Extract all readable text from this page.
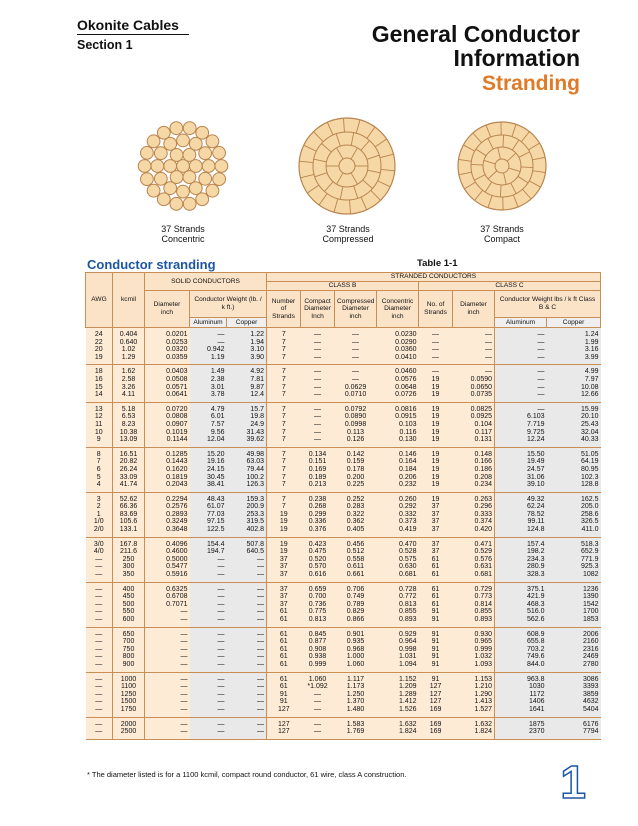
Okonite Cables
Section 1	General Conductor
Information
Stranding
37 Strands
Concentric
37 Strands
Compressed
37 Strands
Compact
Conductor stranding	Table 1-1
AWG	kcmil	SOLID CONDUCTORS			STRANDED CONDUCTORS							
					CLASS B				CLASS C			
		Diameter inch	Conductor Weight (lb. / k ft.)		Number of Strands	Compact Diameter Inch	Compressed Diameter inch	Concentric Diameter inch	No. of Strands	Diameter inch	Conductor Weight lbs / k ft Class B & C	
			Aluminum	Copper							Aluminum	Copper
24	0.404	0.0201	—	1.22	7	—	—	0.0230	—	—	—	1.24
22	0.640	0.0253	—	1.94	7	—	—	0.0290	—	—	—	1.99
20	1.02	0.0320	0.942	3.10	7	—	—	0.0360	—	—	—	3.16
19	1.29	0.0359	1.19	3.90	7	—	—	0.0410	—	—	—	3.99
18	1.62	0.0403	1.49	4.92	7	—	—	0.0460	—	—	—	4.99
16	2.58	0.0508	2.38	7.81	7	—	—	0.0576	19	0.0590	—	7.97
15	3.26	0.0571	3.01	9.87	7	—	0.0629	0.0648	19	0.0650	—	10.08
14	4.11	0.0641	3.78	12.4	7	—	0.0710	0.0726	19	0.0735	—	12.66
13	5.18	0.0720	4.79	15.7	7	—	0.0792	0.0816	19	0.0825	—	15.99
12	6.53	0.0808	6.01	19.8	7	—	0.0890	0.0915	19	0.0925	6.103	20.10
11	8.23	0.0907	7.57	24.9	7	—	0.0998	0.103	19	0.104	7.719	25.43
10	10.38	0.1019	9.56	31.43	7	—	0.113	0.116	19	0.117	9.725	32.04
9	13.09	0.1144	12.04	39.62	7	—	0.126	0.130	19	0.131	12.24	40.33
8	16.51	0.1285	15.20	49.98	7	0.134	0.142	0.146	19	0.148	15.50	51.05
7	20.82	0.1443	19.16	63.03	7	0.151	0.159	0.164	19	0.166	19.49	64.19
6	26.24	0.1620	24.15	79.44	7	0.169	0.178	0.184	19	0.186	24.57	80.95
5	33.09	0.1819	30.45	100.2	7	0.189	0.200	0.206	19	0.208	31.06	102.3
4	41.74	0.2043	38.41	126.3	7	0.213	0.225	0.232	19	0.234	39.10	128.8
3	52.62	0.2294	48.43	159.3	7	0.238	0.252	0.260	19	0.263	49.32	162.5
2	66.36	0.2576	61.07	200.9	7	0.268	0.283	0.292	37	0.296	62.24	205.0
1	83.69	0.2893	77.03	253.3	19	0.299	0.322	0.332	37	0.333	78.52	258.6
1/0	105.6	0.3249	97.15	319.5	19	0.336	0.362	0.373	37	0.374	99.11	326.5
2/0	133.1	0.3648	122.5	402.8	19	0.376	0.405	0.419	37	0.420	124.8	411.0
3/0	167.8	0.4096	154.4	507.8	19	0.423	0.456	0.470	37	0.471	157.4	518.3
4/0	211.6	0.4600	194.7	640.5	19	0.475	0.512	0.528	37	0.529	198.2	652.9
—	250	0.5000	—	—	37	0.520	0.558	0.575	61	0.576	234.3	771.9
—	300	0.5477	—	—	37	0.570	0.611	0.630	61	0.631	280.9	925.3
—	350	0.5916	—	—	37	0.616	0.661	0.681	61	0.681	328.3	1082
—	400	0.6325	—	—	37	0.659	0.706	0.728	61	0.729	375.1	1236
—	450	0.6708	—	—	37	0.700	0.749	0.772	61	0.773	421.9	1390
—	500	0.7071	—	—	37	0.736	0.789	0.813	61	0.814	468.3	1542
—	550	—	—	—	61	0.775	0.829	0.855	91	0.855	516.0	1700
—	600	—	—	—	61	0.813	0.866	0.893	91	0.893	562.6	1853
—	650	—	—	—	61	0.845	0.901	0.929	91	0.930	608.9	2006
—	700	—	—	—	61	0.877	0.935	0.964	91	0.965	655.8	2160
—	750	—	—	—	61	0.908	0.968	0.998	91	0.999	703.2	2316
—	800	—	—	—	61	0.938	1.000	1.031	91	1.032	749.6	2469
—	900	—	—	—	61	0.999	1.060	1.094	91	1.093	844.0	2780
—	1000	—	—	—	61	1.060	1.117	1.152	91	1.153	963.8	3086
—	1100	—	—	—	61	*1.092	1.173	1.209	127	1.210	1030	3393
—	1250	—	—	—	91	—	1.250	1.289	127	1.290	1172	3859
—	1500	—	—	—	91	—	1.370	1.412	127	1.413	1406	4632
—	1750	—	—	—	127	—	1.480	1.526	169	1.527	1641	5404
—	2000	—	—	—	127	—	1.583	1.632	169	1.632	1875	6176
—	2500	—	—	—	127	—	1.769	1.824	169	1.824	2370	7794
* The diameter listed is for a 1100 kcmil, compact round conductor, 61 wire, class A construction.	1
